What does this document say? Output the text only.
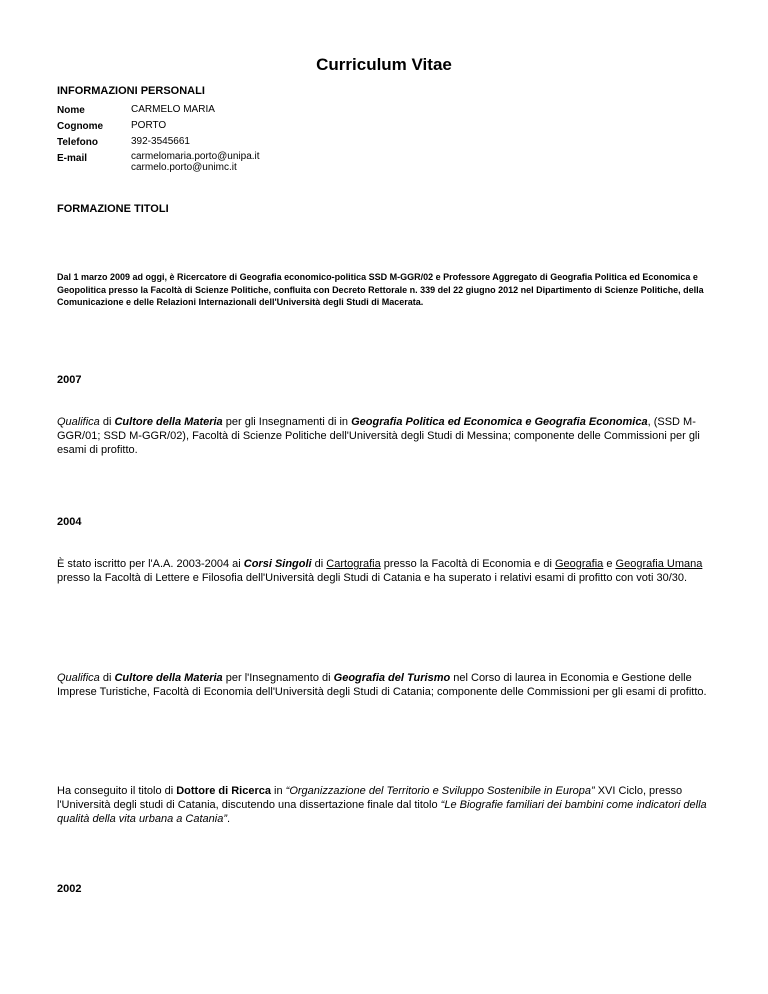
Curriculum Vitae
INFORMAZIONI PERSONALI
Nome	CARMELO MARIA
Cognome	PORTO
Telefono	392-3545661
E-mail	carmelomaria.porto@unipa.it
carmelo.porto@unimc.it
FORMAZIONE TITOLI
Dal 1 marzo 2009 ad oggi, è Ricercatore di Geografia economico-politica SSD M-GGR/02 e Professore Aggregato di Geografia Politica ed Economica e Geopolitica presso la Facoltà di Scienze Politiche, confluita con Decreto Rettorale n. 339 del 22 giugno 2012 nel Dipartimento di Scienze Politiche, della Comunicazione e delle Relazioni Internazionali dell'Università degli Studi di Macerata.
2007
Qualifica di Cultore della Materia per gli Insegnamenti di in Geografia Politica ed Economica e Geografia Economica, (SSD M-GGR/01; SSD M-GGR/02), Facoltà di Scienze Politiche dell'Università degli Studi di Messina; componente delle Commissioni per gli esami di profitto.
2004
È stato iscritto per l'A.A. 2003-2004 ai Corsi Singoli di Cartografia presso la Facoltà di Economia e di Geografia e Geografia Umana presso la Facoltà di Lettere e Filosofia dell'Università degli Studi di Catania e ha superato i relativi esami di profitto con voti 30/30.
Qualifica di Cultore della Materia per l'Insegnamento di Geografia del Turismo nel Corso di laurea in Economia e Gestione delle Imprese Turistiche, Facoltà di Economia dell'Università degli Studi di Catania; componente delle Commissioni per gli esami di profitto.
Ha conseguito il titolo di Dottore di Ricerca in “Organizzazione del Territorio e Sviluppo Sostenibile in Europa” XVI Ciclo, presso l'Università degli studi di Catania, discutendo una dissertazione finale dal titolo “Le Biografie familiari dei bambini come indicatori della qualità della vita urbana a Catania”.
2002
